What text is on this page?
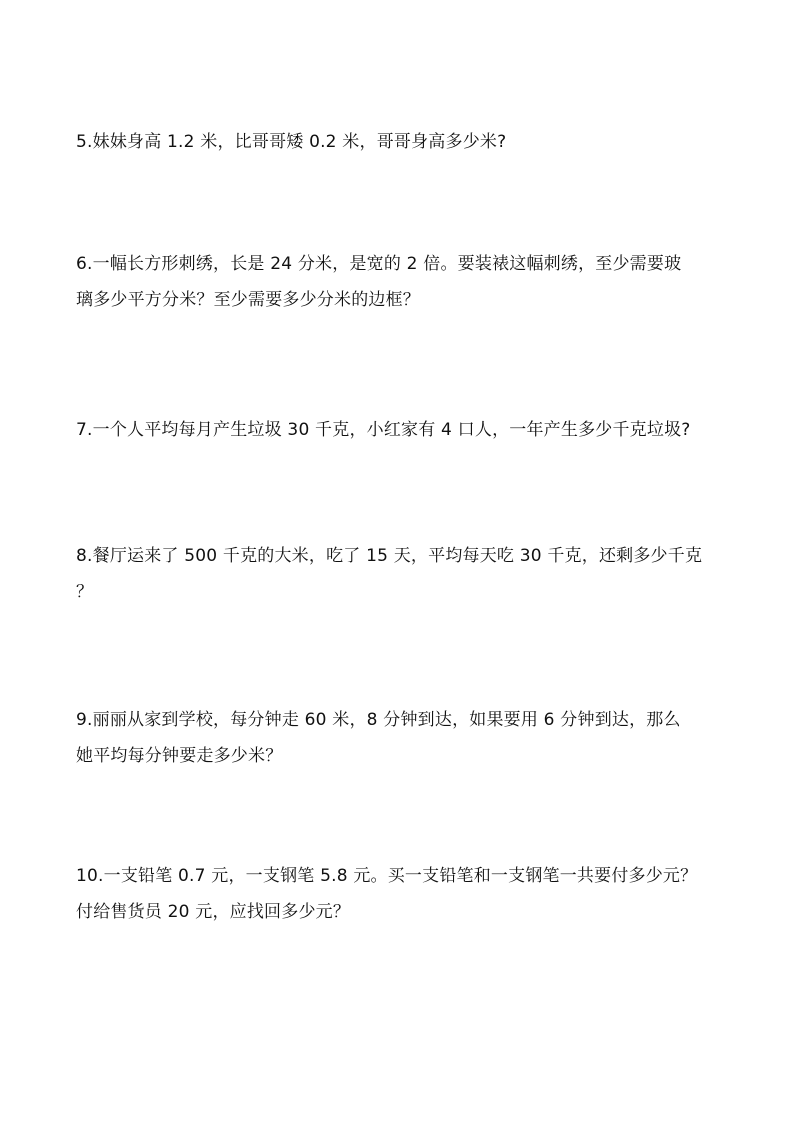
5.妹妹身高 1.2 米，比哥哥矮 0.2 米，哥哥身高多少米?
6.一幅长方形刺绣，长是 24 分米，是宽的 2 倍。要装裱这幅刺绣，至少需要玻
璃多少平方分米？至少需要多少分米的边框？
7.一个人平均每月产生垃圾 30 千克，小红家有 4 口人，一年产生多少千克垃圾?
8.餐厅运来了 500 千克的大米，吃了 15 天，平均每天吃 30 千克，还剩多少千克
？
9.丽丽从家到学校，每分钟走 60 米，8 分钟到达，如果要用 6 分钟到达，那么
她平均每分钟要走多少米？
10.一支铅笔 0.7 元，一支钢笔 5.8 元。买一支铅笔和一支钢笔一共要付多少元？
付给售货员 20 元，应找回多少元？
